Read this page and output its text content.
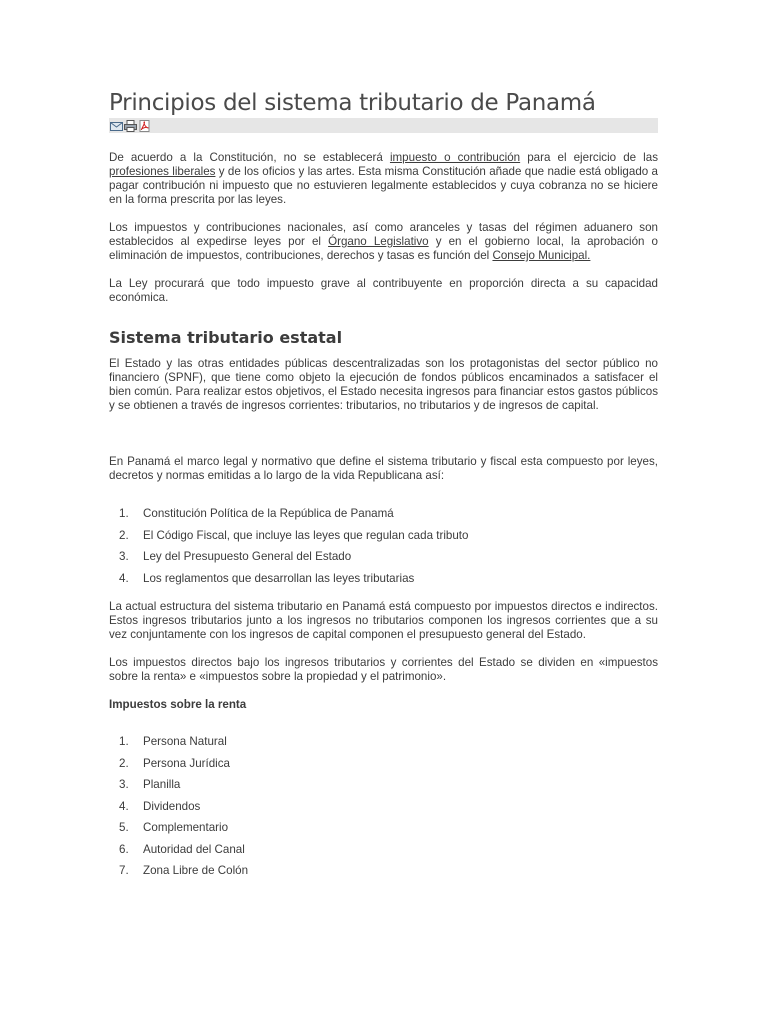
Principios del sistema tributario de Panamá

De acuerdo a la Constitución, no se establecerá impuesto o contribución para el ejercicio de las profesiones liberales y de los oficios y las artes. Esta misma Constitución añade que nadie está obligado a pagar contribución ni impuesto que no estuvieren legalmente establecidos y cuya cobranza no se hiciere en la forma prescrita por las leyes.

Los impuestos y contribuciones nacionales, así como aranceles y tasas del régimen aduanero son establecidos al expedirse leyes por el Órgano Legislativo y en el gobierno local, la aprobación o eliminación de impuestos, contribuciones, derechos y tasas es función del Consejo Municipal.

La Ley procurará que todo impuesto grave al contribuyente en proporción directa a su capacidad económica.

Sistema tributario estatal

El Estado y las otras entidades públicas descentralizadas son los protagonistas del sector público no financiero (SPNF), que tiene como objeto la ejecución de fondos públicos encaminados a satisfacer el bien común. Para realizar estos objetivos, el Estado necesita ingresos para financiar estos gastos públicos y se obtienen a través de ingresos corrientes: tributarios, no tributarios y de ingresos de capital.

En Panamá el marco legal y normativo que define el sistema tributario y fiscal esta compuesto por leyes, decretos y normas emitidas a lo largo de la vida Republicana así:

1.	Constitución Política de la República de Panamá
2.	El Código Fiscal, que incluye las leyes que regulan cada tributo
3.	Ley del Presupuesto General del Estado
4.	Los reglamentos que desarrollan las leyes tributarias

La actual estructura del sistema tributario en Panamá está compuesto por impuestos directos e indirectos. Estos ingresos tributarios junto a los ingresos no tributarios componen los ingresos corrientes que a su vez conjuntamente con los ingresos de capital componen el presupuesto general del Estado.

Los impuestos directos bajo los ingresos tributarios y corrientes del Estado se dividen en «impuestos sobre la renta» e «impuestos sobre la propiedad y el patrimonio».

Impuestos sobre la renta
1.	Persona Natural
2.	Persona Jurídica
3.	Planilla
4.	Dividendos
5.	Complementario
6.	Autoridad del Canal
7.	Zona Libre de Colón
